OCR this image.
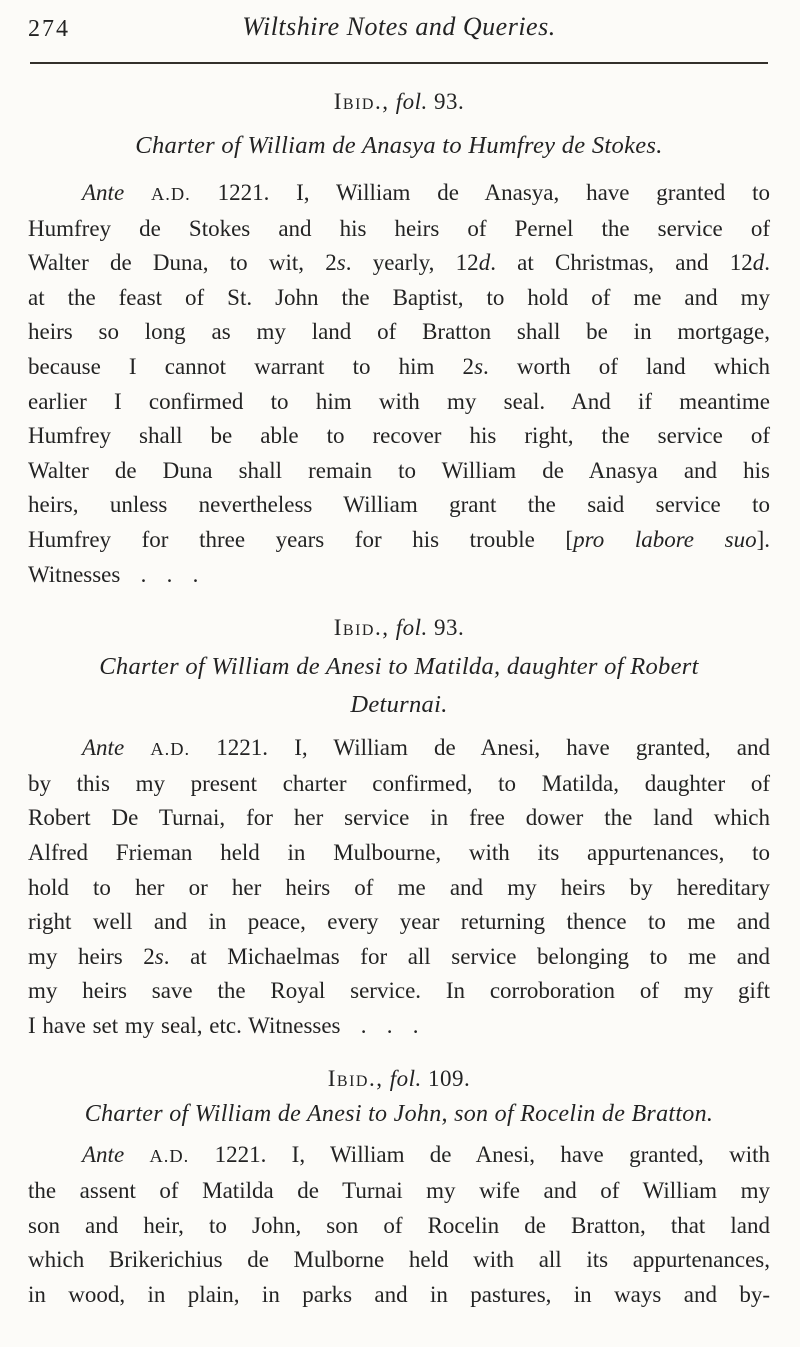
274	Wiltshire Notes and Queries.
Ibid., fol. 93.
Charter of William de Anasya to Humfrey de Stokes.
Ante A.D. 1221. I, William de Anasya, have granted to
Humfrey de Stokes and his heirs of Pernel the service of
Walter de Duna, to wit, 2s. yearly, 12d. at Christmas, and 12d.
at the feast of St. John the Baptist, to hold of me and my
heirs so long as my land of Bratton shall be in mortgage,
because I cannot warrant to him 2s. worth of land which
earlier I confirmed to him with my seal. And if meantime
Humfrey shall be able to recover his right, the service of
Walter de Duna shall remain to William de Anasya and his
heirs, unless nevertheless William grant the said service to
Humfrey for three years for his trouble [pro labore suo].
Witnesses   .   .   .
Ibid., fol. 93.
Charter of William de Anesi to Matilda, daughter of Robert
Deturnai.
Ante A.D. 1221. I, William de Anesi, have granted, and
by this my present charter confirmed, to Matilda, daughter of
Robert De Turnai, for her service in free dower the land which
Alfred Frieman held in Mulbourne, with its appurtenances, to
hold to her or her heirs of me and my heirs by hereditary
right well and in peace, every year returning thence to me and
my heirs 2s. at Michaelmas for all service belonging to me and
my heirs save the Royal service. In corroboration of my gift
I have set my seal, etc. Witnesses   .   .   .
Ibid., fol. 109.
Charter of William de Anesi to John, son of Rocelin de Bratton.
Ante A.D. 1221. I, William de Anesi, have granted, with
the assent of Matilda de Turnai my wife and of William my
son and heir, to John, son of Rocelin de Bratton, that land
which Brikerichius de Mulborne held with all its appurtenances,
in wood, in plain, in parks and in pastures, in ways and by-
